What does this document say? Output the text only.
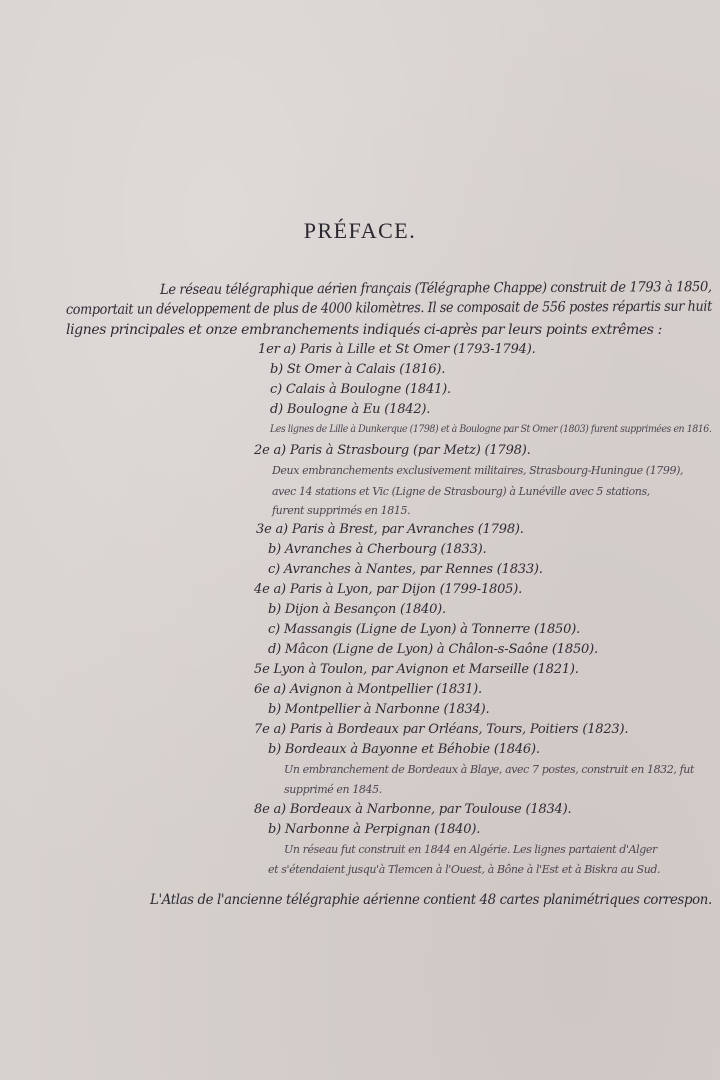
PRÉFACE.
Le réseau télégraphique aérien français (Télégraphe Chappe) construit de 1793 à 1850,
comportait un développement de plus de 4000 kilomètres. Il se composait de 556 postes répartis sur huit
lignes principales et onze embranchements indiqués ci-après par leurs points extrêmes :
1er a) Paris à Lille et St Omer (1793-1794).
b) St Omer à Calais (1816).
c) Calais à Boulogne (1841).
d) Boulogne à Eu (1842).
Les lignes de Lille à Dunkerque (1798) et à Boulogne par St Omer (1803) furent supprimées en 1816.
2e a) Paris à Strasbourg (par Metz) (1798).
Deux embranchements exclusivement militaires, Strasbourg-Huningue (1799),
avec 14 stations et Vic (Ligne de Strasbourg) à Lunéville avec 5 stations,
furent supprimés en 1815.
3e a) Paris à Brest, par Avranches (1798).
b) Avranches à Cherbourg (1833).
c) Avranches à Nantes, par Rennes (1833).
4e a) Paris à Lyon, par Dijon (1799-1805).
b) Dijon à Besançon (1840).
c) Massangis (Ligne de Lyon) à Tonnerre (1850).
d) Mâcon (Ligne de Lyon) à Châlon-s-Saône (1850).
5e Lyon à Toulon, par Avignon et Marseille (1821).
6e a) Avignon à Montpellier (1831).
b) Montpellier à Narbonne (1834).
7e a) Paris à Bordeaux par Orléans, Tours, Poitiers (1823).
b) Bordeaux à Bayonne et Béhobie (1846).
Un embranchement de Bordeaux à Blaye, avec 7 postes, construit en 1832, fut
supprimé en 1845.
8e a) Bordeaux à Narbonne, par Toulouse (1834).
b) Narbonne à Perpignan (1840).
Un réseau fut construit en 1844 en Algérie. Les lignes partaient d'Alger
et s'étendaient jusqu'à Tlemcen à l'Ouest, à Bône à l'Est et à Biskra au Sud.
L'Atlas de l'ancienne télégraphie aérienne contient 48 cartes planimétriques correspon.
